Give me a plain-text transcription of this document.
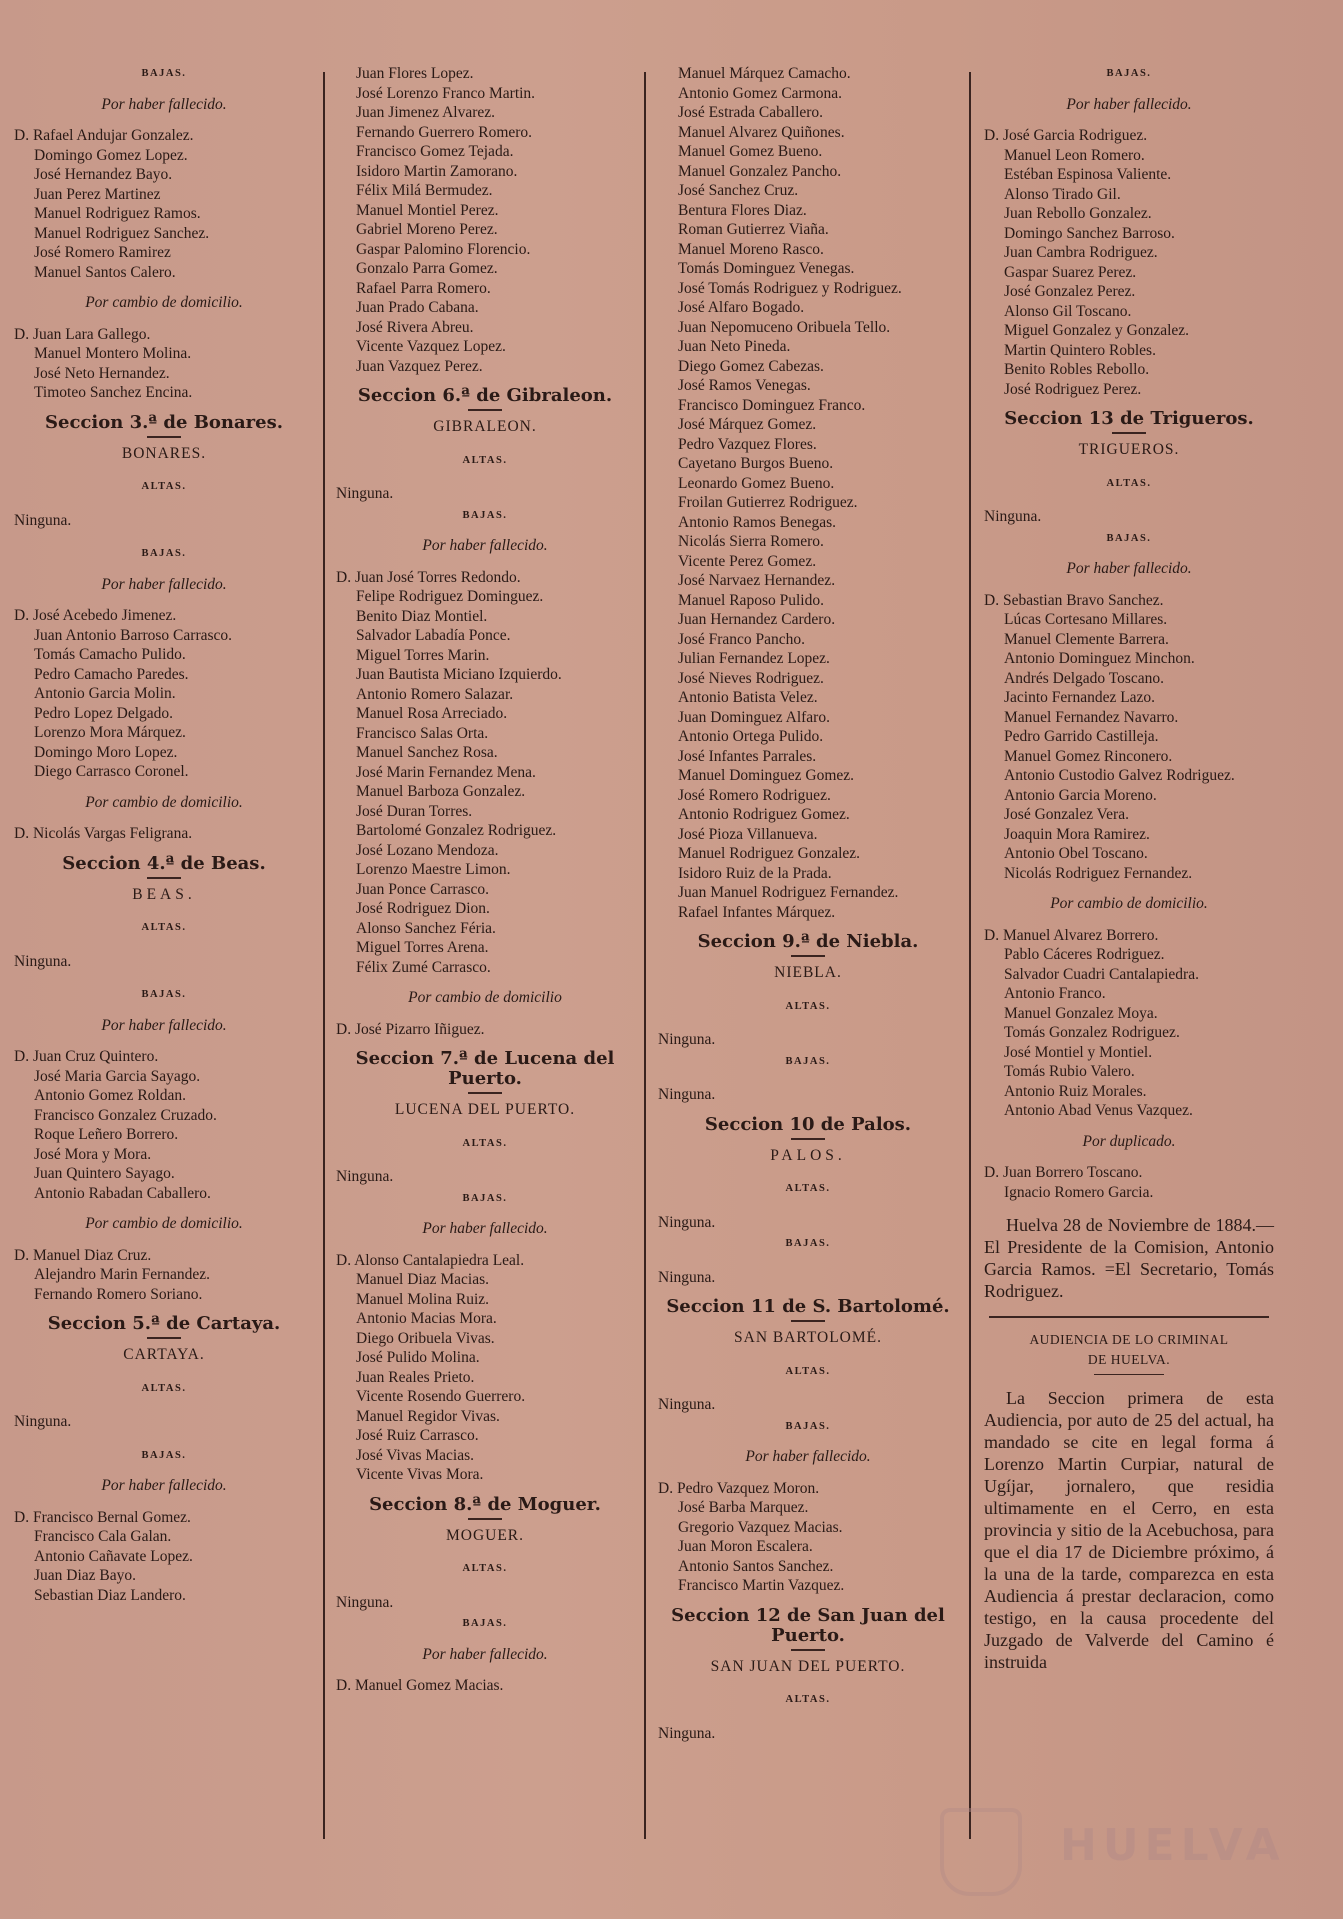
BAJAS.
Por haber fallecido.
D. Rafael Andujar Gonzalez.
Domingo Gomez Lopez.
José Hernandez Bayo.
Juan Perez Martinez
Manuel Rodriguez Ramos.
Manuel Rodriguez Sanchez.
José Romero Ramirez
Manuel Santos Calero.
Por cambio de domicilio.
D. Juan Lara Gallego.
Manuel Montero Molina.
José Neto Hernandez.
Timoteo Sanchez Encina.
Seccion 3.ª de Bonares.
BONARES.
ALTAS.
Ninguna.
BAJAS.
Por haber fallecido.
D. José Acebedo Jimenez.
Juan Antonio Barroso Carrasco.
Tomás Camacho Pulido.
Pedro Camacho Paredes.
Antonio Garcia Molin.
Pedro Lopez Delgado.
Lorenzo Mora Márquez.
Domingo Moro Lopez.
Diego Carrasco Coronel.
Por cambio de domicilio.
D. Nicolás Vargas Feligrana.
Seccion 4.ª de Beas.
BEAS.
ALTAS.
Ninguna.
BAJAS.
Por haber fallecido.
D. Juan Cruz Quintero.
José Maria Garcia Sayago.
Antonio Gomez Roldan.
Francisco Gonzalez Cruzado.
Roque Leñero Borrero.
José Mora y Mora.
Juan Quintero Sayago.
Antonio Rabadan Caballero.
Por cambio de domicilio.
D. Manuel Diaz Cruz.
Alejandro Marin Fernandez.
Fernando Romero Soriano.
Seccion 5.ª de Cartaya.
CARTAYA.
ALTAS.
Ninguna.
BAJAS.
Por haber fallecido.
D. Francisco Bernal Gomez.
Francisco Cala Galan.
Antonio Cañavate Lopez.
Juan Diaz Bayo.
Sebastian Diaz Landero.
Juan Flores Lopez.
José Lorenzo Franco Martin.
Juan Jimenez Alvarez.
Fernando Guerrero Romero.
Francisco Gomez Tejada.
Isidoro Martin Zamorano.
Félix Milá Bermudez.
Manuel Montiel Perez.
Gabriel Moreno Perez.
Gaspar Palomino Florencio.
Gonzalo Parra Gomez.
Rafael Parra Romero.
Juan Prado Cabana.
José Rivera Abreu.
Vicente Vazquez Lopez.
Juan Vazquez Perez.
Seccion 6.ª de Gibraleon.
GIBRALEON.
ALTAS.
Ninguna.
BAJAS.
Por haber fallecido.
D. Juan José Torres Redondo.
Felipe Rodriguez Dominguez.
Benito Diaz Montiel.
Salvador Labadía Ponce.
Miguel Torres Marin.
Juan Bautista Miciano Izquierdo.
Antonio Romero Salazar.
Manuel Rosa Arreciado.
Francisco Salas Orta.
Manuel Sanchez Rosa.
José Marin Fernandez Mena.
Manuel Barboza Gonzalez.
José Duran Torres.
Bartolomé Gonzalez Rodriguez.
José Lozano Mendoza.
Lorenzo Maestre Limon.
Juan Ponce Carrasco.
José Rodriguez Dion.
Alonso Sanchez Féria.
Miguel Torres Arena.
Félix Zumé Carrasco.
Por cambio de domicilio
D. José Pizarro Iñiguez.
Seccion 7.ª de Lucena del Puerto.
LUCENA DEL PUERTO.
ALTAS.
Ninguna.
BAJAS.
Por haber fallecido.
D. Alonso Cantalapiedra Leal.
Manuel Diaz Macias.
Manuel Molina Ruiz.
Antonio Macias Mora.
Diego Oribuela Vivas.
José Pulido Molina.
Juan Reales Prieto.
Vicente Rosendo Guerrero.
Manuel Regidor Vivas.
José Ruiz Carrasco.
José Vivas Macias.
Vicente Vivas Mora.
Seccion 8.ª de Moguer.
MOGUER.
ALTAS.
Ninguna.
BAJAS.
Por haber fallecido.
D. Manuel Gomez Macias.
Manuel Márquez Camacho.
Antonio Gomez Carmona.
José Estrada Caballero.
Manuel Alvarez Quiñones.
Manuel Gomez Bueno.
Manuel Gonzalez Pancho.
José Sanchez Cruz.
Bentura Flores Diaz.
Roman Gutierrez Viaña.
Manuel Moreno Rasco.
Tomás Dominguez Venegas.
José Tomás Rodriguez y Rodriguez.
José Alfaro Bogado.
Juan Nepomuceno Oribuela Tello.
Juan Neto Pineda.
Diego Gomez Cabezas.
José Ramos Venegas.
Francisco Dominguez Franco.
José Márquez Gomez.
Pedro Vazquez Flores.
Cayetano Burgos Bueno.
Leonardo Gomez Bueno.
Froilan Gutierrez Rodriguez.
Antonio Ramos Benegas.
Nicolás Sierra Romero.
Vicente Perez Gomez.
José Narvaez Hernandez.
Manuel Raposo Pulido.
Juan Hernandez Cardero.
José Franco Pancho.
Julian Fernandez Lopez.
José Nieves Rodriguez.
Antonio Batista Velez.
Juan Dominguez Alfaro.
Antonio Ortega Pulido.
José Infantes Parrales.
Manuel Dominguez Gomez.
José Romero Rodriguez.
Antonio Rodriguez Gomez.
José Pioza Villanueva.
Manuel Rodriguez Gonzalez.
Isidoro Ruiz de la Prada.
Juan Manuel Rodriguez Fernandez.
Rafael Infantes Márquez.
Seccion 9.ª de Niebla.
NIEBLA.
ALTAS.
Ninguna.
BAJAS.
Ninguna.
Seccion 10 de Palos.
PALOS.
ALTAS.
Ninguna.
BAJAS.
Ninguna.
Seccion 11 de S. Bartolomé.
SAN BARTOLOMÉ.
ALTAS.
Ninguna.
BAJAS.
Por haber fallecido.
D. Pedro Vazquez Moron.
José Barba Marquez.
Gregorio Vazquez Macias.
Juan Moron Escalera.
Antonio Santos Sanchez.
Francisco Martin Vazquez.
Seccion 12 de San Juan del Puerto.
SAN JUAN DEL PUERTO.
ALTAS.
Ninguna.
BAJAS.
Por haber fallecido.
D. José Garcia Rodriguez.
Manuel Leon Romero.
Estéban Espinosa Valiente.
Alonso Tirado Gil.
Juan Rebollo Gonzalez.
Domingo Sanchez Barroso.
Juan Cambra Rodriguez.
Gaspar Suarez Perez.
José Gonzalez Perez.
Alonso Gil Toscano.
Miguel Gonzalez y Gonzalez.
Martin Quintero Robles.
Benito Robles Rebollo.
José Rodriguez Perez.
Seccion 13 de Trigueros.
TRIGUEROS.
ALTAS.
Ninguna.
BAJAS.
Por haber fallecido.
D. Sebastian Bravo Sanchez.
Lúcas Cortesano Millares.
Manuel Clemente Barrera.
Antonio Dominguez Minchon.
Andrés Delgado Toscano.
Jacinto Fernandez Lazo.
Manuel Fernandez Navarro.
Pedro Garrido Castilleja.
Manuel Gomez Rinconero.
Antonio Custodio Galvez Rodriguez.
Antonio Garcia Moreno.
José Gonzalez Vera.
Joaquin Mora Ramirez.
Antonio Obel Toscano.
Nicolás Rodriguez Fernandez.
Por cambio de domicilio.
D. Manuel Alvarez Borrero.
Pablo Cáceres Rodriguez.
Salvador Cuadri Cantalapiedra.
Antonio Franco.
Manuel Gonzalez Moya.
Tomás Gonzalez Rodriguez.
José Montiel y Montiel.
Tomás Rubio Valero.
Antonio Ruiz Morales.
Antonio Abad Venus Vazquez.
Por duplicado.
D. Juan Borrero Toscano.
Ignacio Romero Garcia.
Huelva 28 de Noviembre de 1884.—El Presidente de la Comision, Antonio Garcia Ramos. =El Secretario, Tomás Rodriguez.
AUDIENCIA DE LO CRIMINAL
DE HUELVA.
La Seccion primera de esta Audiencia, por auto de 25 del actual, ha mandado se cite en legal forma á Lorenzo Martin Curpiar, natural de Ugíjar, jornalero, que residia ultimamente en el Cerro, en esta provincia y sitio de la Acebuchosa, para que el dia 17 de Diciembre próximo, á la una de la tarde, comparezca en esta Audiencia á prestar declaracion, como testigo, en la causa procedente del Juzgado de Valverde del Camino é instruida
HUELVA
